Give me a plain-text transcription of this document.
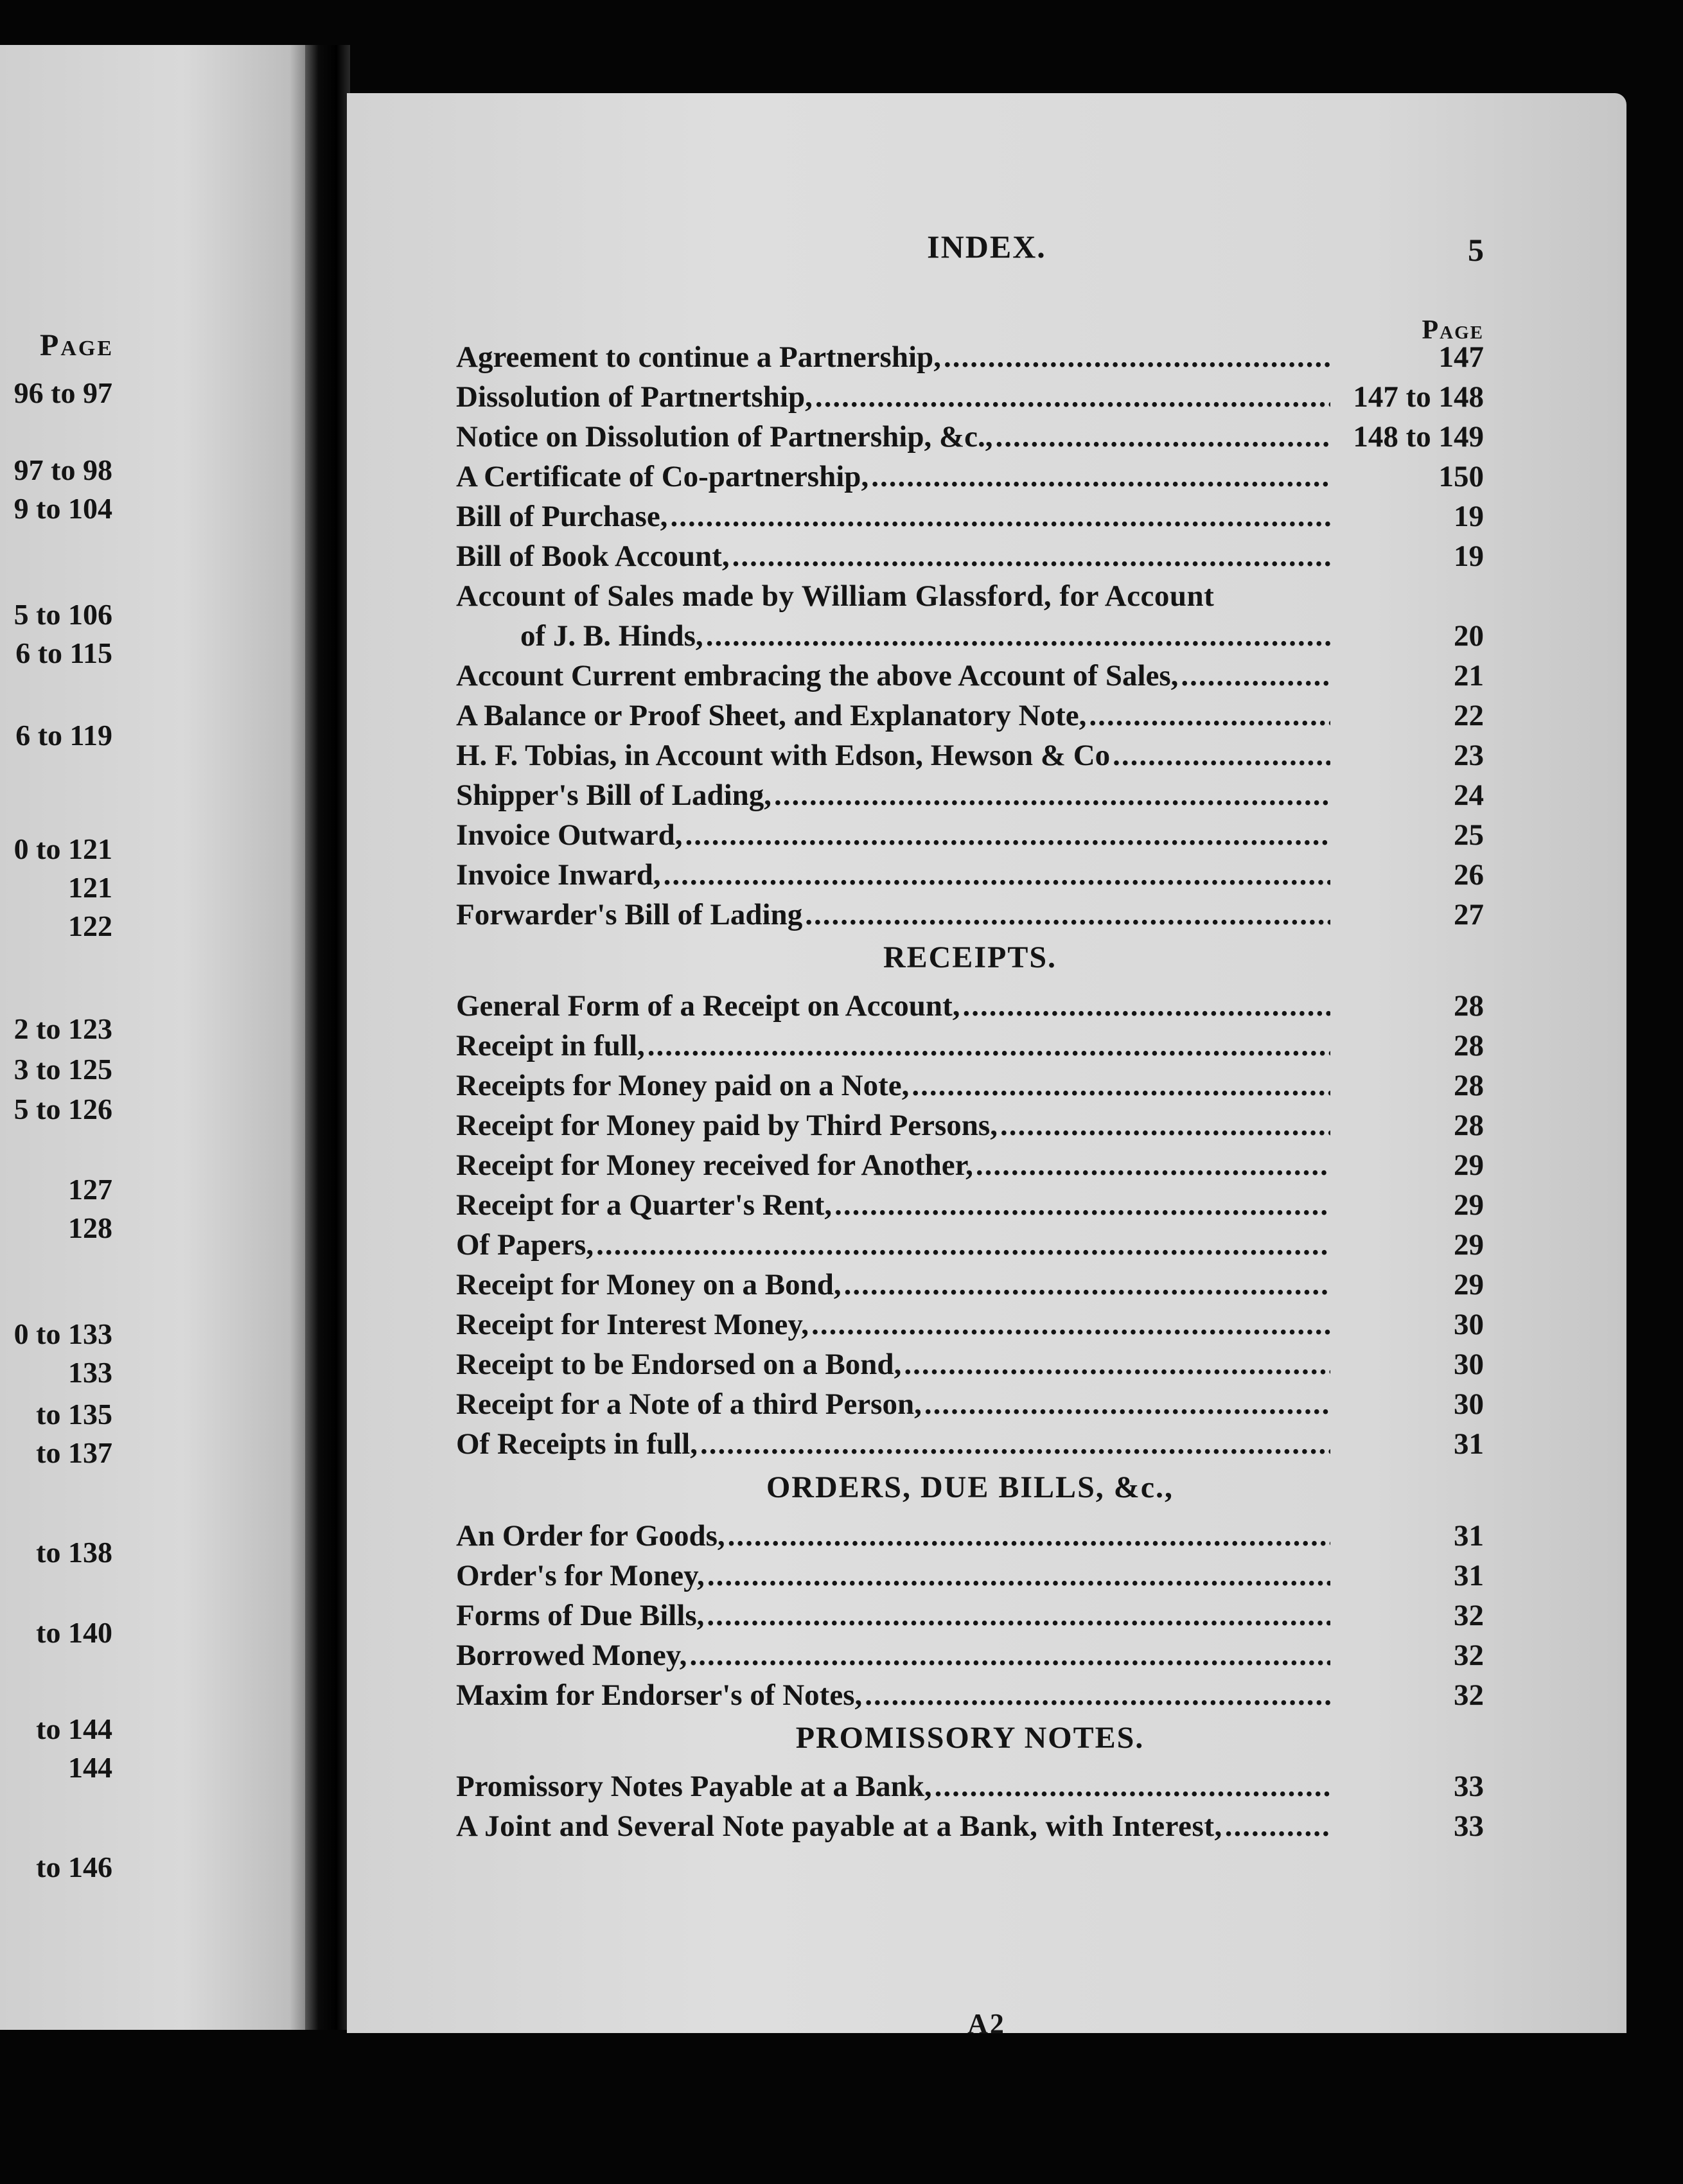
Page
96 to 97
97 to 98
9 to 104
5 to 106
6 to 115
6 to 119
0 to 121
121
122
2 to 123
3 to 125
5 to 126
127
128
0 to 133
133
to 135
to 137
to 138
to 140
to 144
144
to 146
INDEX.	5
Page
Agreement to continue a Partnership, .....	147
Dissolution of Partnertship, .....	147 to 148
Notice on Dissolution of Partnership, &c., .....	148 to 149
A Certificate of Co-partnership, .....	150
Bill of Purchase, .....	19
Bill of Book Account, .....	19
Account of Sales made by William Glassford, for Account
of J. B. Hinds, .....	20
Account Current embracing the above Account of Sales, .....	21
A Balance or Proof Sheet, and Explanatory Note, .....	22
H. F. Tobias, in Account with Edson, Hewson & Co .....	23
Shipper's Bill of Lading, .....	24
Invoice Outward, .....	25
Invoice Inward, .....	26
Forwarder's Bill of Lading .....	27
RECEIPTS.
General Form of a Receipt on Account, .....	28
Receipt in full, .....	28
Receipts for Money paid on a Note, .....	28
Receipt for Money paid by Third Persons, .....	28
Receipt for Money received for Another, .....	29
Receipt for a Quarter's Rent, .....	29
Of Papers, .....	29
Receipt for Money on a Bond, .....	29
Receipt for Interest Money, .....	30
Receipt to be Endorsed on a Bond, .....	30
Receipt for a Note of a third Person, .....	30
Of Receipts in full, .....	31
ORDERS, DUE BILLS, &c.,
An Order for Goods, .....	31
Order's for Money, .....	31
Forms of Due Bills, .....	32
Borrowed Money, .....	32
Maxim for Endorser's of Notes, .....	32
PROMISSORY NOTES.
Promissory Notes Payable at a Bank, .....	33
A Joint and Several Note payable at a Bank, with Interest, .....	33
A2
